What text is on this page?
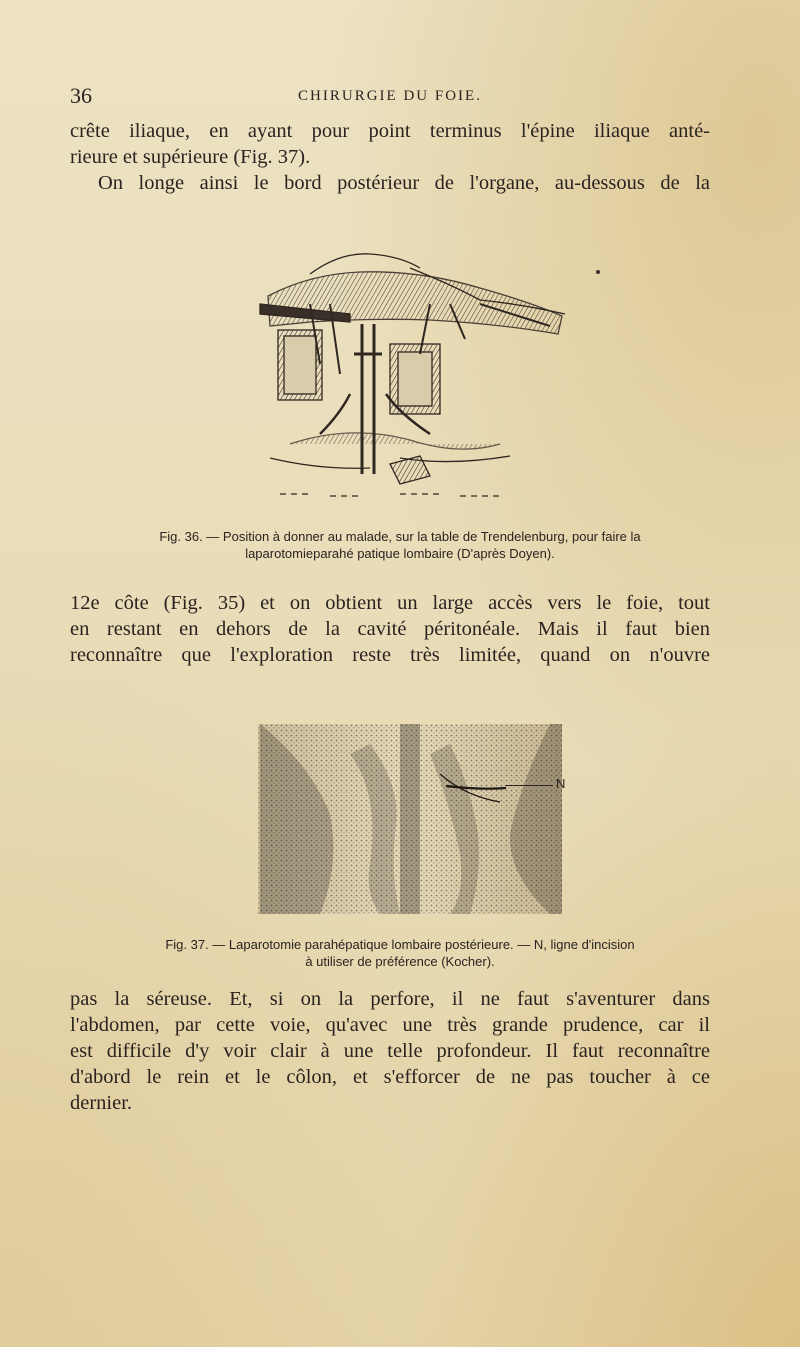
36	CHIRURGIE DU FOIE.

crête iliaque, en ayant pour point terminus l'épine iliaque anté-
rieure et supérieure (Fig. 37).
On longe ainsi le bord postérieur de l'organe, au-dessous de la

Fig. 36. — Position à donner au malade, sur la table de Trendelenburg, pour faire la
laparotomieparahé patique lombaire (D'après Doyen).

12e côte (Fig. 35) et on obtient un large accès vers le foie, tout
en restant en dehors de la cavité péritonéale. Mais il faut bien
reconnaître que l'exploration reste très limitée, quand on n'ouvre

N
Fig. 37. — Laparotomie parahépatique lombaire postérieure. — N, ligne d'incision
à utiliser de préférence (Kocher).

pas la séreuse. Et, si on la perfore, il ne faut s'aventurer dans
l'abdomen, par cette voie, qu'avec une très grande prudence, car il
est difficile d'y voir clair à une telle profondeur. Il faut reconnaître
d'abord le rein et le côlon, et s'efforcer de ne pas toucher à ce
dernier.
